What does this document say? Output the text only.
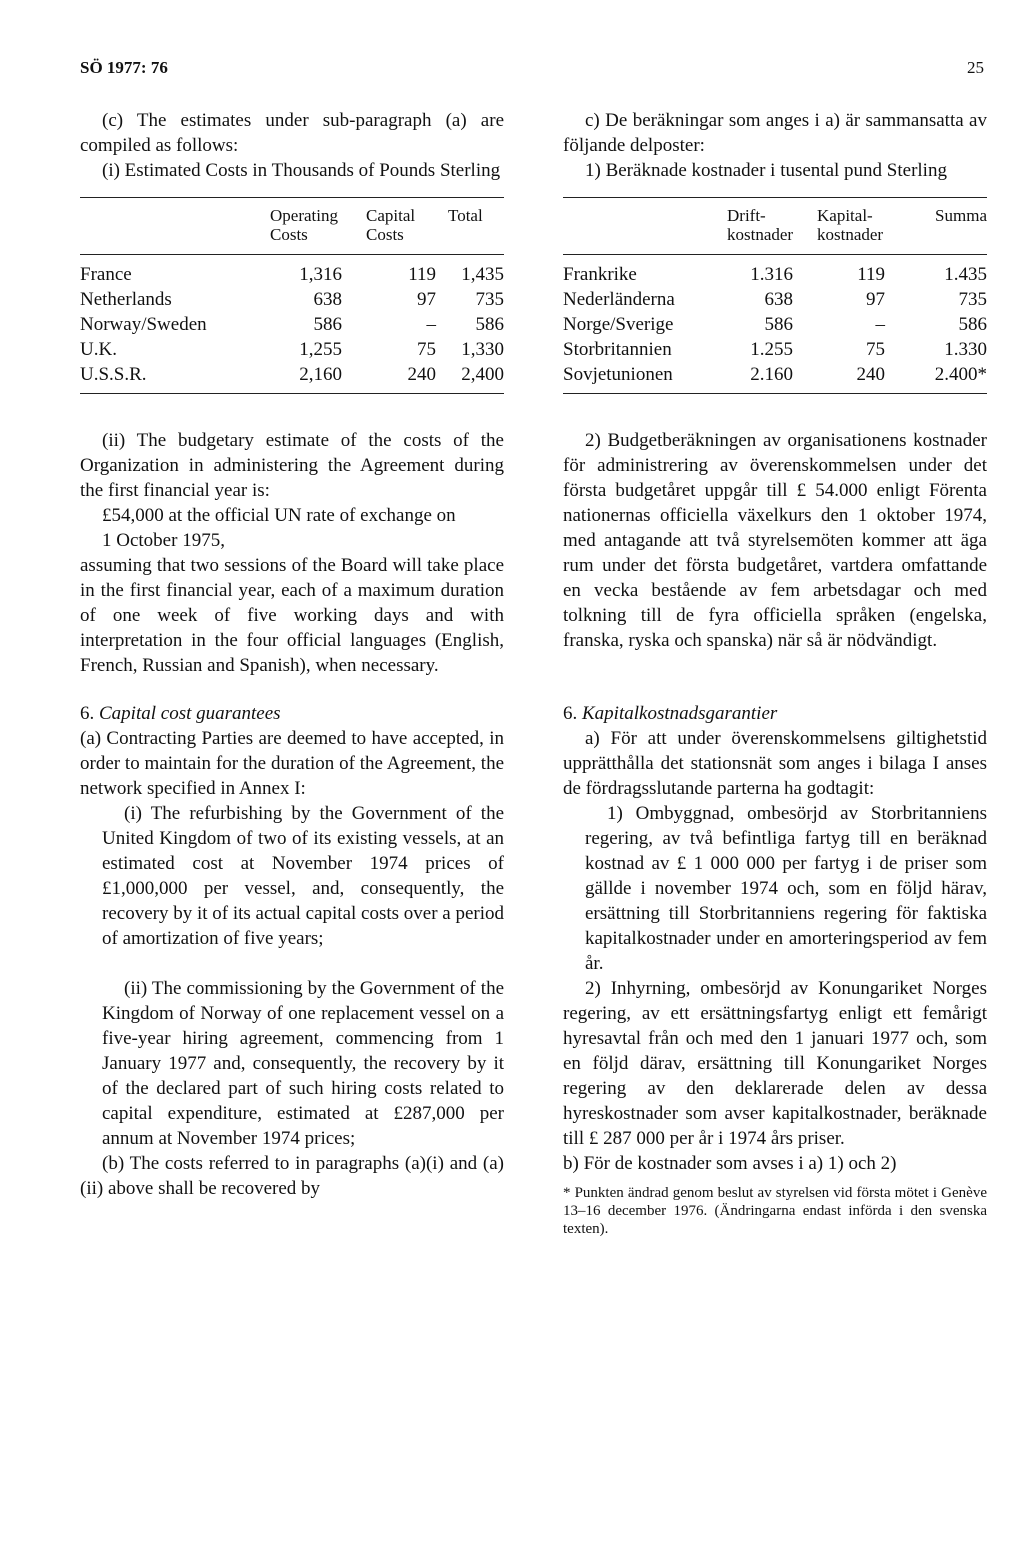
SÖ 1977: 76	25

(c) The estimates under sub-paragraph (a) are compiled as follows:

(i) Estimated Costs in Thousands of Pounds Sterling

	Operating Costs	Capital Costs	Total
France	1,316	119	1,435
Netherlands	638	97	735
Norway/Sweden	586	–	586
U.K.	1,255	75	1,330
U.S.S.R.	2,160	240	2,400

(ii) The budgetary estimate of the costs of the Organization in administering the Agreement during the first financial year is:

£54,000 at the official UN rate of exchange on

1 October 1975,

assuming that two sessions of the Board will take place in the first financial year, each of a maximum duration of one week of five working days and with interpretation in the four official languages (English, French, Russian and Spanish), when necessary.

6. Capital cost guarantees

(a) Contracting Parties are deemed to have accepted, in order to maintain for the duration of the Agreement, the network specified in Annex I:

(i) The refurbishing by the Government of the United Kingdom of two of its existing vessels, at an estimated cost at November 1974 prices of £1,000,000 per vessel, and, consequently, the recovery by it of its actual capital costs over a period of amortization of five years;

(ii) The commissioning by the Government of the Kingdom of Norway of one replacement vessel on a five-year hiring agreement, commencing from 1 January 1977 and, consequently, the recovery by it of the declared part of such hiring costs related to capital expenditure, estimated at £287,000 per annum at November 1974 prices;

(b) The costs referred to in paragraphs (a)(i) and (a)(ii) above shall be recovered by

c) De beräkningar som anges i a) är sammansatta av följande delposter:

1) Beräknade kostnader i tusental pund Sterling

	Drift-kostnader	Kapital-kostnader	Summa
Frankrike	1.316	119	1.435
Nederländerna	638	97	735
Norge/Sverige	586	–	586
Storbritannien	1.255	75	1.330
Sovjetunionen	2.160	240	2.400*

2) Budgetberäkningen av organisationens kostnader för administrering av överenskommelsen under det första budgetåret uppgår till £ 54.000 enligt Förenta nationernas officiella växelkurs den 1 oktober 1974, med antagande att två styrelsemöten kommer att äga rum under det första budgetåret, vartdera omfattande en vecka bestående av fem arbetsdagar och med tolkning till de fyra officiella språken (engelska, franska, ryska och spanska) när så är nödvändigt.

6. Kapitalkostnadsgarantier

a) För att under överenskommelsens giltighetstid upprätthålla det stationsnät som anges i bilaga I anses de fördragsslutande parterna ha godtagit:

1) Ombyggnad, ombesörjd av Storbritanniens regering, av två befintliga fartyg till en beräknad kostnad av £ 1 000 000 per fartyg i de priser som gällde i november 1974 och, som en följd härav, ersättning till Storbritanniens regering för faktiska kapitalkostnader under en amorteringsperiod av fem år.

2) Inhyrning, ombesörjd av Konungariket Norges regering, av ett ersättningsfartyg enligt ett femårigt hyresavtal från och med den 1 januari 1977 och, som en följd därav, ersättning till Konungariket Norges regering av den deklarerade delen av dessa hyreskostnader som avser kapitalkostnader, beräknade till £ 287 000 per år i 1974 års priser.

b) För de kostnader som avses i a) 1) och 2)

* Punkten ändrad genom beslut av styrelsen vid första mötet i Genève 13–16 december 1976. (Ändringarna endast införda i den svenska texten).
